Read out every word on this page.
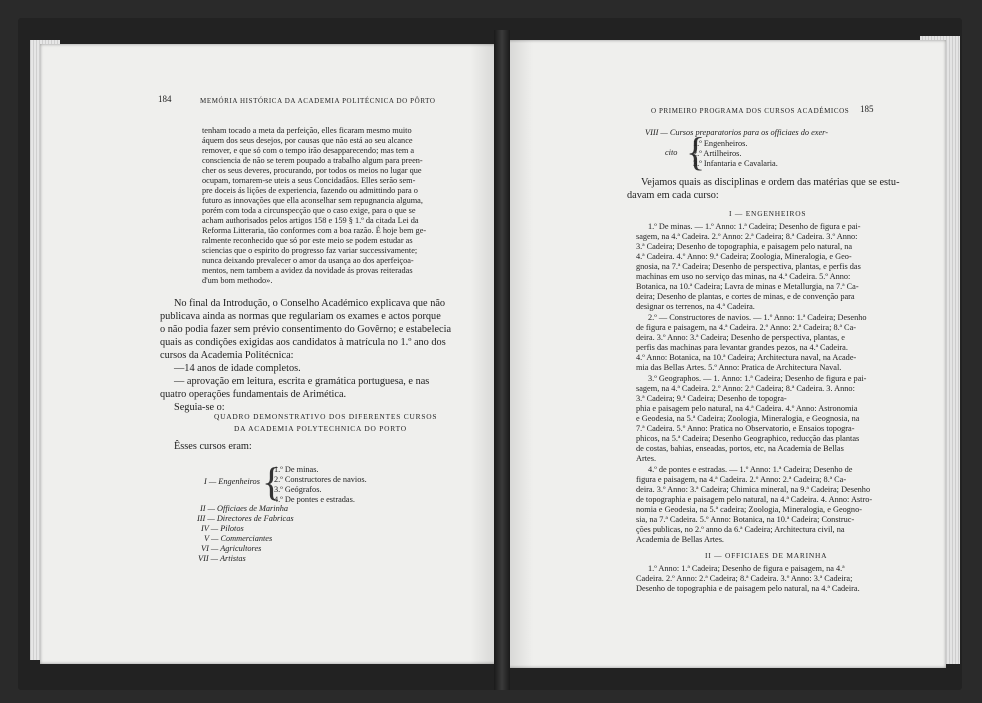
184	MEMÓRIA HISTÓRICA DA ACADEMIA POLITÉCNICA DO PÔRTO

tenham tocado a meta da perfeição, elles ficaram mesmo muito

áquem dos seus desejos, por causas que não está ao seu alcance

remover, e que só com o tempo irão desapparecendo; mas tem a

consciencia de não se terem poupado a trabalho algum para preen-

cher os seus deveres, procurando, por todos os meios no lugar que

ocupam, tornarem-se uteis a seus Concidadãos. Elles serão sem-

pre doceis ás lições de experiencia, fazendo ou admittindo para o

futuro as innovações que ella aconselhar sem repugnancia alguma,

porém com toda a circunspecção que o caso exige, para o que se

acham authorisados pelos artigos 158 e 159 § 1.º da citada Lei da

Reforma Litteraria, tão conformes com a boa razão. É hoje bem ge-

ralmente reconhecido que só por este meio se podem estudar as

sciencias que o espirito do progresso faz variar successivamente;

nunca deixando prevalecer o amor da usança ao dos aperfeiçoa-

mentos, nem tambem a avidez da novidade ás provas reiteradas

d'um bom methodo».

No final da Introdução, o Conselho Académico explicava que não

publicava ainda as normas que regulariam os exames e actos porque

o não podia fazer sem prévio consentimento do Govêrno; e estabelecia

quais as condições exigidas aos candidatos à matrícula no 1.º ano dos

cursos da Academia Politécnica:

—14 anos de idade completos.

— aprovação em leitura, escrita e gramática portuguesa, e nas

quatro operações fundamentais de Arimética.

Seguia-se o:

QUADRO DEMONSTRATIVO DOS DIFERENTES CURSOS

DA ACADEMIA POLYTECHNICA DO PORTO

Êsses cursos eram:

I — Engenheiros {

1.º De minas.

2.º Constructores de navios.

3.º Geógrafos.

4.º De pontes e estradas.

II — Officiaes de Marinha

III — Directores de Fabricas

IV — Pilotos

V — Commerciantes

VI — Agricultores

VII — Artistas

O PRIMEIRO PROGRAMA DOS CURSOS ACADÉMICOS 185

VIII — Cursos preparatorios para os officiaes do exer-

cito {

1.º Engenheiros.

2.º Artilheiros.

3.º Infantaria e Cavalaria.

Vejamos quais as disciplinas e ordem das matérias que se estu-

davam em cada curso:

I — ENGENHEIROS

1.º De minas. — 1.º Anno: 1.ª Cadeira; Desenho de figura e pai-

sagem, na 4.ª Cadeira. 2.º Anno: 2.ª Cadeira; 8.ª Cadeira. 3.º Anno:

3.ª Cadeira; Desenho de topographia, e paisagem pelo natural, na

4.ª Cadeira. 4.º Anno: 9.ª Cadeira; Zoologia, Mineralogia, e Geo-

gnosia, na 7.ª Cadeira; Desenho de perspectiva, plantas, e perfis das

machinas em uso no serviço das minas, na 4.ª Cadeira. 5.º Anno:

Botanica, na 10.ª Cadeira; Lavra de minas e Metallurgia, na 7.ª Ca-

deira; Desenho de plantas, e cortes de minas, e de convenção para

designar os terrenos, na 4.ª Cadeira.

2.º — Constructores de navios. — 1.º Anno: 1.ª Cadeira; Desenho

de figura e paisagem, na 4.ª Cadeira. 2.º Anno: 2.ª Cadeira; 8.ª Ca-

deira. 3.º Anno: 3.ª Cadeira; Desenho de perspectiva, plantas, e

perfis das machinas para levantar grandes pezos, na 4.ª Cadeira.

4.º Anno: Botanica, na 10.ª Cadeira; Architectura naval, na Acade-

mia das Bellas Artes. 5.º Anno: Pratica de Architectura Naval.

3.º Geographos. — 1. Anno: 1.ª Cadeira; Desenho de figura e pai-

sagem, na 4.ª Cadeira. 2.º Anno: 2.ª Cadeira; 8.ª Cadeira. 3. Anno:

3.ª Cadeira; 9.ª Cadeira; Desenho de topogra-

phia e paisagem pelo natural, na 4.ª Cadeira. 4.º Anno: Astronomia

e Geodesia, na 5.ª Cadeira; Zoologia, Mineralogia, e Geognosia, na

7.ª Cadeira. 5.º Anno: Pratica no Observatorio, e Ensaios topogra-

phicos, na 5.ª Cadeira; Desenho Geographico, reducção das plantas

de costas, bahias, enseadas, portos, etc, na Academia de Bellas

Artes.

4.º de pontes e estradas. — 1.º Anno: 1.ª Cadeira; Desenho de

figura e paisagem, na 4.ª Cadeira. 2.º Anno: 2.ª Cadeira; 8.ª Ca-

deira. 3.º Anno: 3.ª Cadeira; Chimica mineral, na 9.ª Cadeira; Desenho

de topographia e paisagem pelo natural, na 4.ª Cadeira. 4. Anno: Astro-

nomia e Geodesia, na 5.ª cadeira; Zoologia, Mineralogia, e Geogno-

sia, na 7.ª Cadeira. 5.º Anno: Botanica, na 10.ª Cadeira; Construc-

ções publicas, no 2.º anno da 6.ª Cadeira; Architectura civil, na

Academia de Bellas Artes.

II — OFFICIAES DE MARINHA

1.º Anno: 1.ª Cadeira; Desenho de figura e paisagem, na 4.ª

Cadeira. 2.º Anno: 2.ª Cadeira; 8.ª Cadeira. 3.º Anno: 3.ª Cadeira;

Desenho de topographia e de paisagem pelo natural, na 4.ª Cadeira.
